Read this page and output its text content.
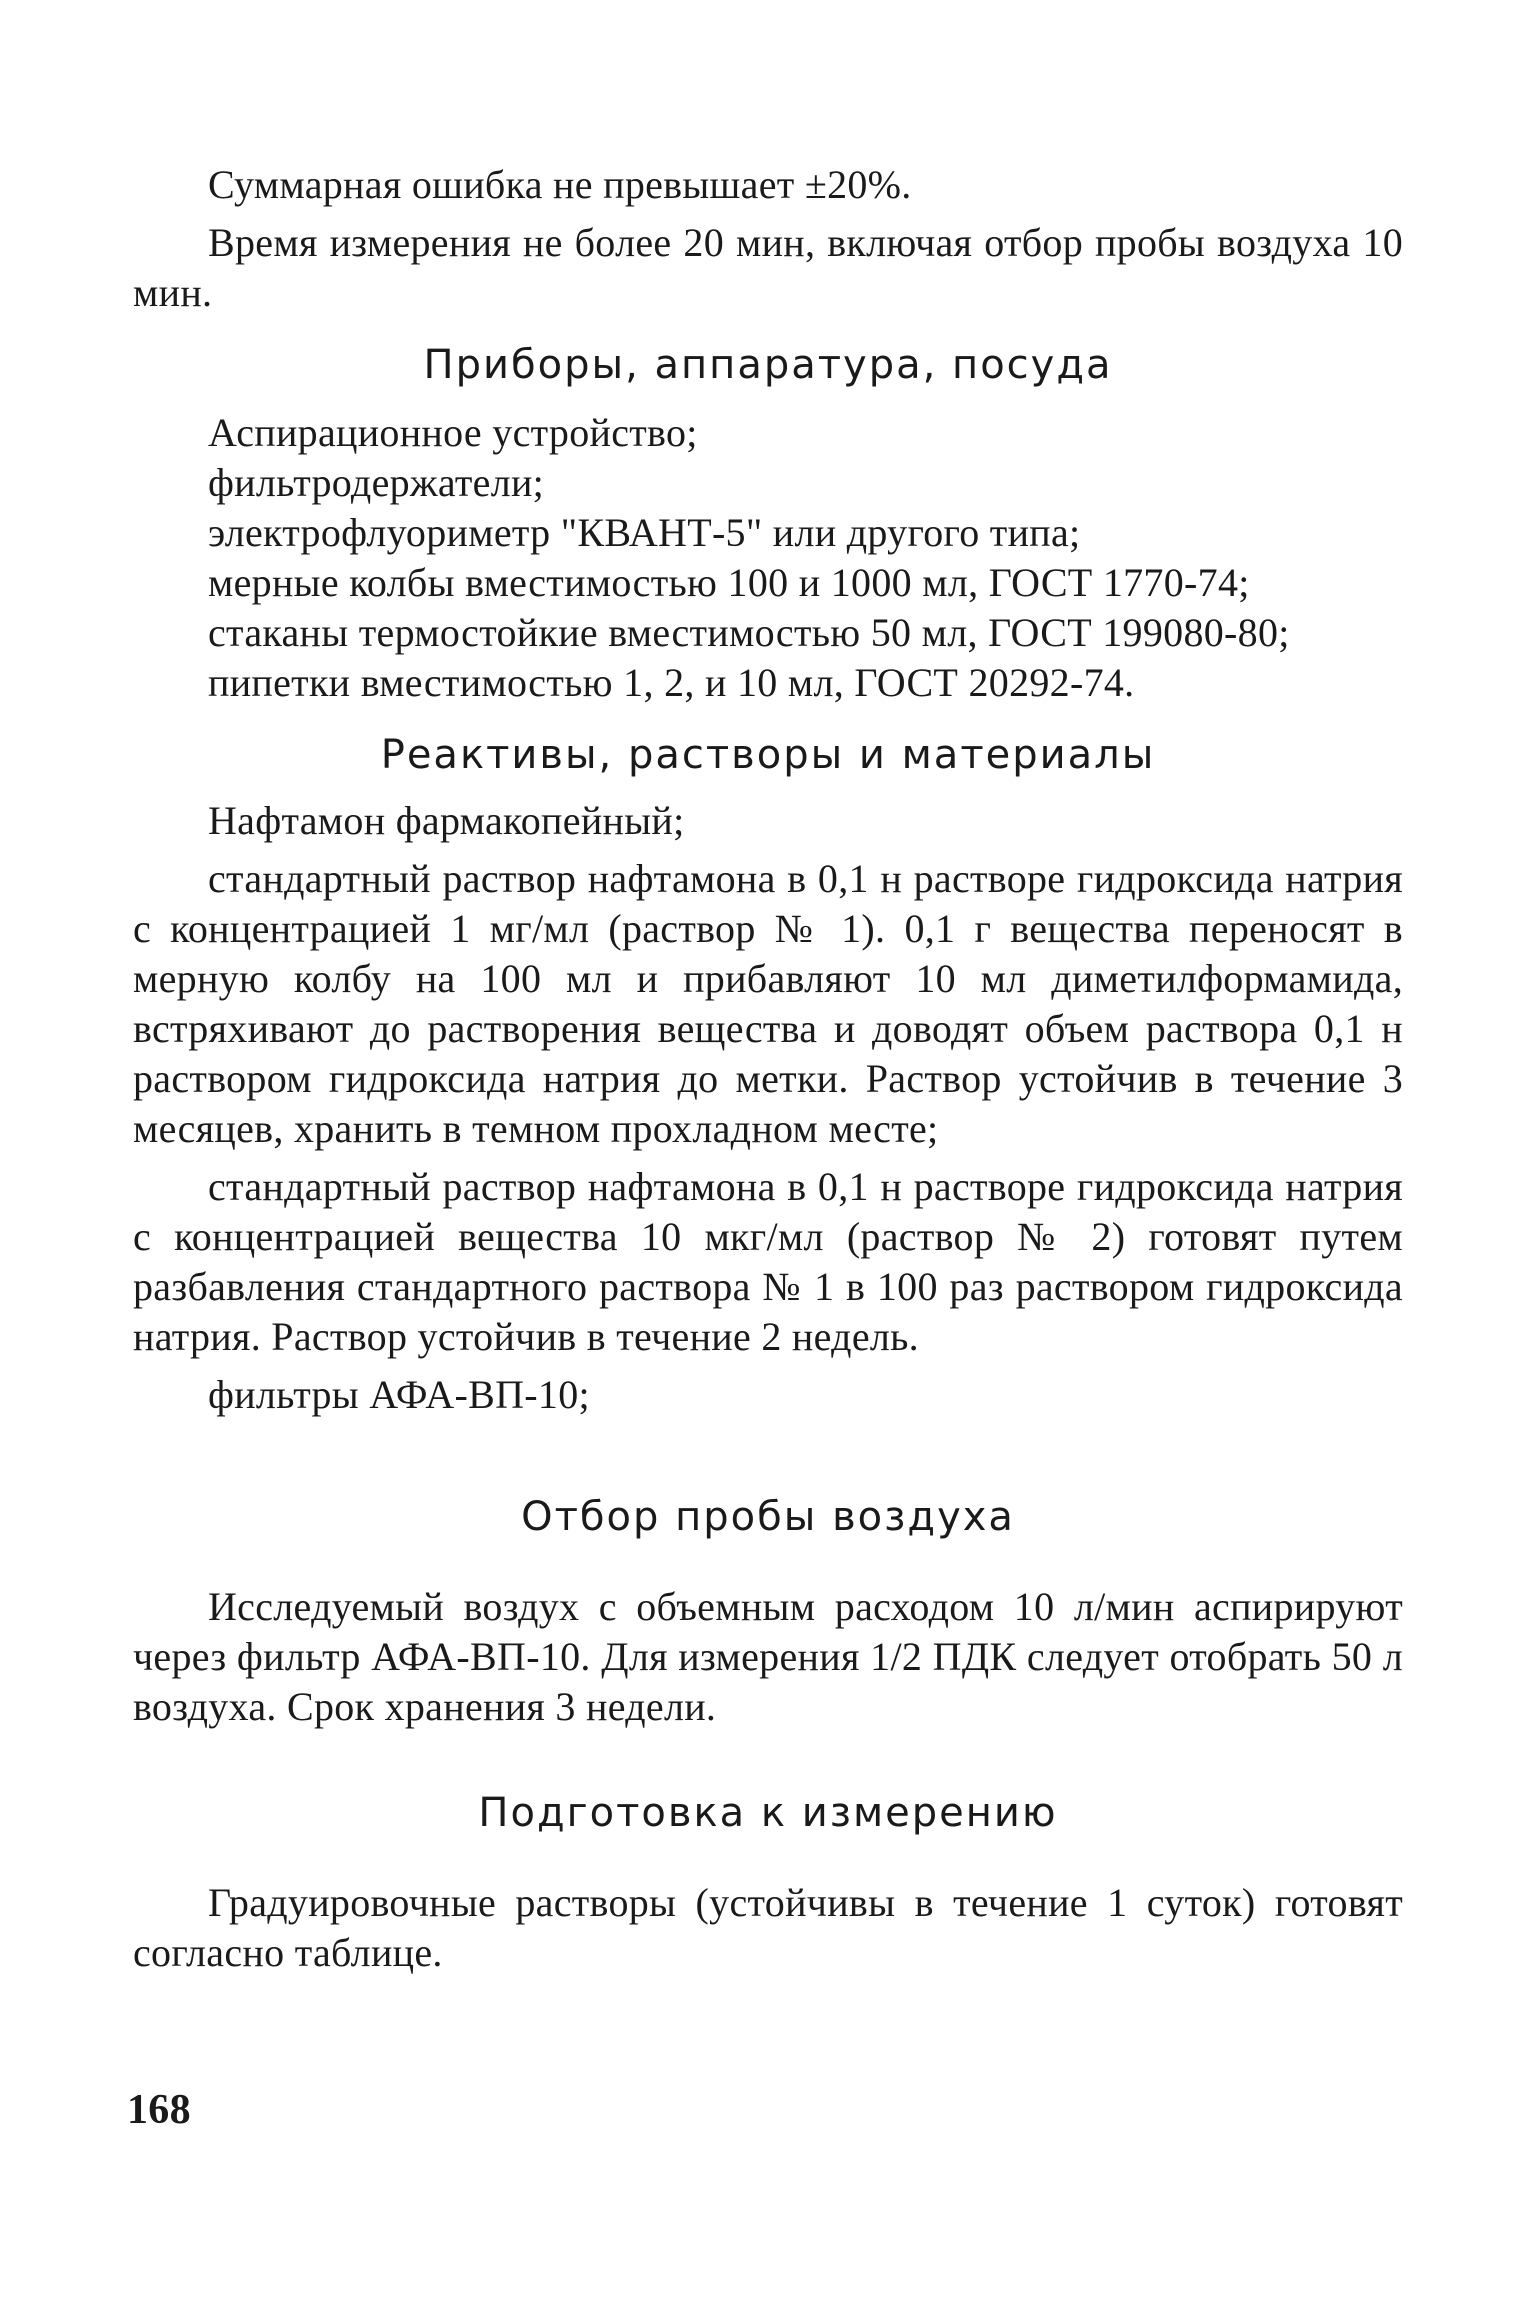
Суммарная ошибка не превышает ±20%.

Время измерения не более 20 мин, включая отбор пробы воздуха 10 мин.

Приборы, аппаратура, посуда

Аспирационное устройство;

фильтродержатели;

электрофлуориметр "КВАНТ-5" или другого типа;

мерные колбы вместимостью 100 и 1000 мл, ГОСТ 1770-74;

стаканы термостойкие вместимостью 50 мл, ГОСТ 199080-80;

пипетки вместимостью 1, 2, и 10 мл, ГОСТ 20292-74.

Реактивы, растворы и материалы

Нафтамон фармакопейный;

стандартный раствор нафтамона в 0,1 н растворе гидроксида натрия с концентрацией 1 мг/мл (раствор № 1). 0,1 г вещества переносят в мерную колбу на 100 мл и прибавляют 10 мл диметилформамида, встряхивают до растворения вещества и доводят объем раствора 0,1 н раствором гидроксида натрия до метки. Раствор устойчив в течение 3 месяцев, хранить в темном прохладном месте;

стандартный раствор нафтамона в 0,1 н растворе гидроксида натрия с концентрацией вещества 10 мкг/мл (раствор № 2) готовят путем разбавления стандартного раствора № 1 в 100 раз раствором гидроксида натрия. Раствор устойчив в течение 2 недель.

фильтры АФА-ВП-10;

Отбор пробы воздуха

Исследуемый воздух с объемным расходом 10 л/мин аспирируют через фильтр АФА-ВП-10. Для измерения 1/2 ПДК следует отобрать 50 л воздуха. Срок хранения 3 недели.

Подготовка к измерению

Градуировочные растворы (устойчивы в течение 1 суток) готовят согласно таблице.

168
